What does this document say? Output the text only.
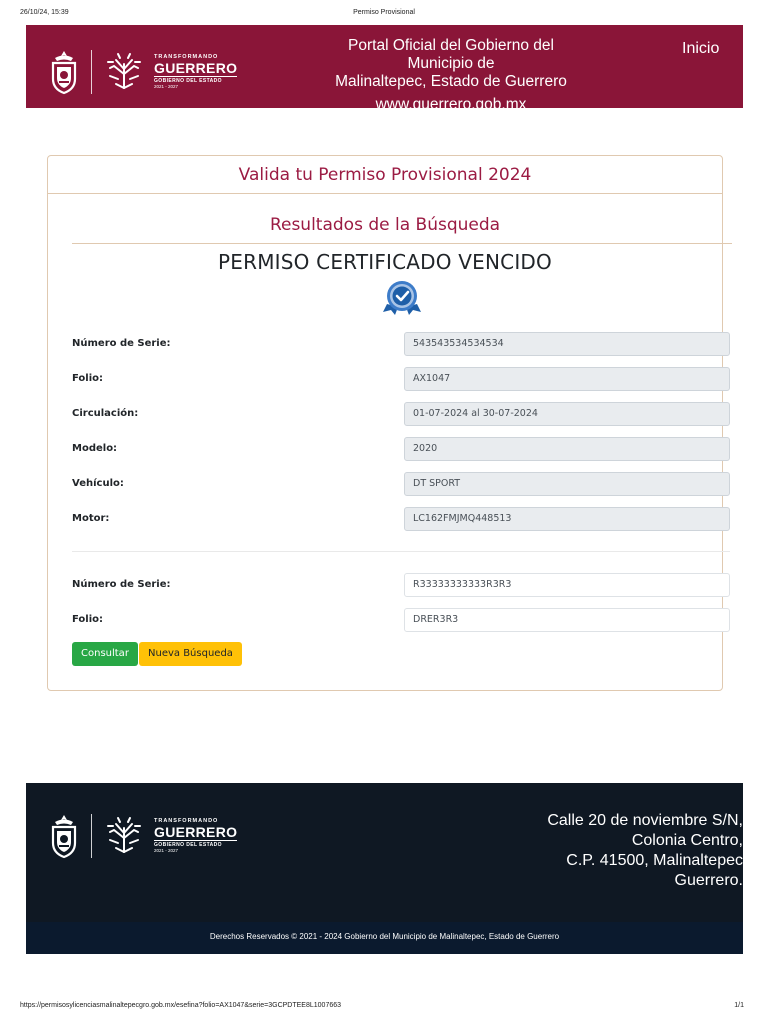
26/10/24, 15:39	Permiso Provisional
TRANSFORMANDO
GUERRERO
GOBIERNO DEL ESTADO
2021 - 2027
Portal Oficial del Gobierno del Municipio de
Malinaltepec, Estado de Guerrero
www.guerrero.gob.mx
Inicio
Valida tu Permiso Provisional 2024
Resultados de la Búsqueda
PERMISO CERTIFICADO VENCIDO
Número de Serie:	543543534534534
Folio:	AX1047
Circulación:	01-07-2024 al 30-07-2024
Modelo:	2020
Vehículo:	DT SPORT
Motor:	LC162FMJMQ448513
Número de Serie:	R33333333333R3R3
Folio:	DRER3R3
Consultar	Nueva Búsqueda
TRANSFORMANDO
GUERRERO
GOBIERNO DEL ESTADO
2021 - 2027
Calle 20 de noviembre S/N,
Colonia Centro,
C.P. 41500, Malinaltepec
Guerrero.
Derechos Reservados © 2021 - 2024 Gobierno del Municipio de Malinaltepec, Estado de Guerrero
https://permisosylicenciasmalinaltepecgro.gob.mx/esefina?folio=AX1047&serie=3GCPDTEE8L1007663	1/1
